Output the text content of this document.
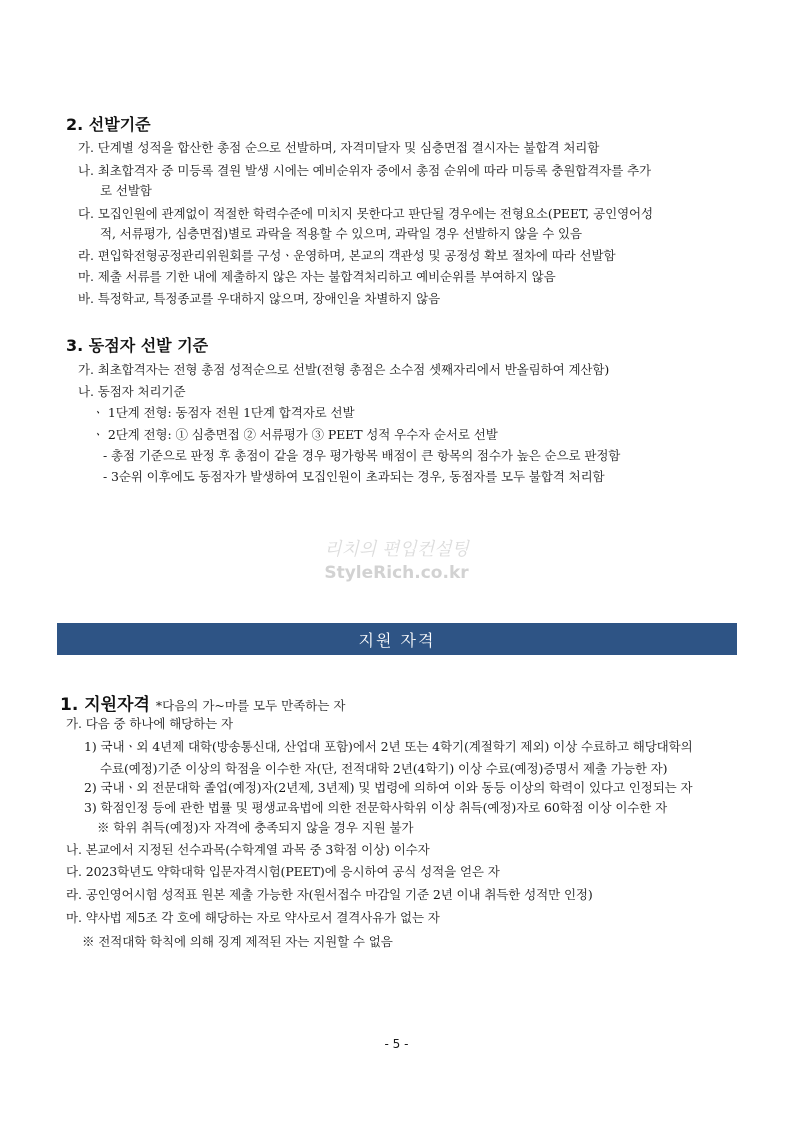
2. 선발기준
가. 단계별 성적을 합산한 총점 순으로 선발하며, 자격미달자 및 심층면접 결시자는 불합격 처리함
나. 최초합격자 중 미등록 결원 발생 시에는 예비순위자 중에서 총점 순위에 따라 미등록 충원합격자를 추가
로 선발함
다. 모집인원에 관계없이 적절한 학력수준에 미치지 못한다고 판단될 경우에는 전형요소(PEET, 공인영어성
적, 서류평가, 심층면접)별로 과락을 적용할 수 있으며, 과락일 경우 선발하지 않을 수 있음
라. 편입학전형공정관리위원회를 구성ㆍ운영하며, 본교의 객관성 및 공정성 확보 절차에 따라 선발함
마. 제출 서류를 기한 내에 제출하지 않은 자는 불합격처리하고 예비순위를 부여하지 않음
바. 특정학교, 특정종교를 우대하지 않으며, 장애인을 차별하지 않음
3. 동점자 선발 기준
가. 최초합격자는 전형 총점 성적순으로 선발(전형 총점은 소수점 셋째자리에서 반올림하여 계산함)
나. 동점자 처리기준
ㆍ 1단계 전형: 동점자 전원 1단계 합격자로 선발
ㆍ 2단계 전형: ① 심층면접 ② 서류평가 ③ PEET 성적 우수자 순서로 선발
- 총점 기준으로 판정 후 총점이 같을 경우 평가항목 배점이 큰 항목의 점수가 높은 순으로 판정함
- 3순위 이후에도 동점자가 발생하여 모집인원이 초과되는 경우, 동점자를 모두 불합격 처리함
리치의 편입컨설팅
StyleRich.co.kr
지원 자격
1. 지원자격 *다음의 가~마를 모두 만족하는 자
가. 다음 중 하나에 해당하는 자
1) 국내ㆍ외 4년제 대학(방송통신대, 산업대 포함)에서 2년 또는 4학기(계절학기 제외) 이상 수료하고 해당대학의
수료(예정)기준 이상의 학점을 이수한 자(단, 전적대학 2년(4학기) 이상 수료(예정)증명서 제출 가능한 자)
2) 국내ㆍ외 전문대학 졸업(예정)자(2년제, 3년제) 및 법령에 의하여 이와 동등 이상의 학력이 있다고 인정되는 자
3) 학점인정 등에 관한 법률 및 평생교육법에 의한 전문학사학위 이상 취득(예정)자로 60학점 이상 이수한 자
※ 학위 취득(예정)자 자격에 충족되지 않을 경우 지원 불가
나. 본교에서 지정된 선수과목(수학계열 과목 중 3학점 이상) 이수자
다. 2023학년도 약학대학 입문자격시험(PEET)에 응시하여 공식 성적을 얻은 자
라. 공인영어시험 성적표 원본 제출 가능한 자(원서접수 마감일 기준 2년 이내 취득한 성적만 인정)
마. 약사법 제5조 각 호에 해당하는 자로 약사로서 결격사유가 없는 자
※ 전적대학 학칙에 의해 징계 제적된 자는 지원할 수 없음
- 5 -
